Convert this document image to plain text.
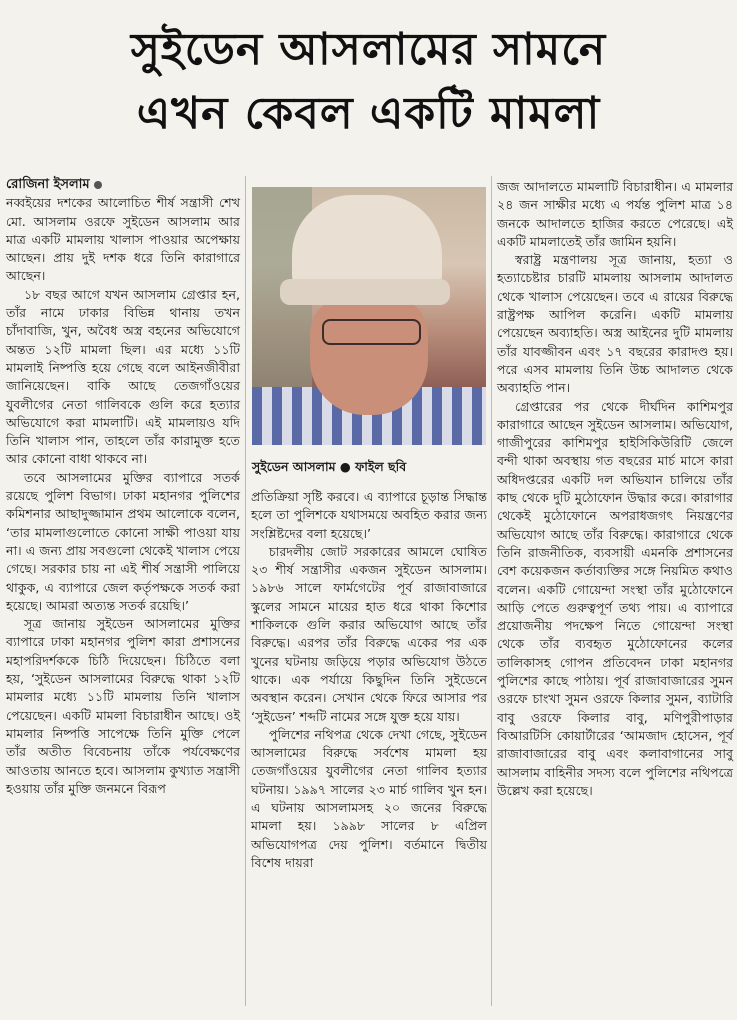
সুইডেন আসলামের সামনে
এখন কেবল একটি মামলা

রোজিনা ইসলাম

নব্বইয়ের দশকের আলোচিত শীর্ষ সন্ত্রাসী শেখ মো. আসলাম ওরফে সুইডেন আসলাম আর মাত্র একটি মামলায় খালাস পাওয়ার অপেক্ষায় আছেন। প্রায় দুই দশক ধরে তিনি কারাগারে আছেন।

১৮ বছর আগে যখন আসলাম গ্রেপ্তার হন, তাঁর নামে ঢাকার বিভিন্ন থানায় তখন চাঁদাবাজি, খুন, অবৈধ অস্ত্র বহনের অভিযোগে অন্তত ১২টি মামলা ছিল। এর মধ্যে ১১টি মামলাই নিষ্পত্তি হয়ে গেছে বলে আইনজীবীরা জানিয়েছেন। বাকি আছে তেজগাঁওয়ের যুবলীগের নেতা গালিবকে গুলি করে হত্যার অভিযোগে করা মামলাটি। এই মামলায়ও যদি তিনি খালাস পান, তাহলে তাঁর কারামুক্ত হতে আর কোনো বাধা থাকবে না।

তবে আসলামের মুক্তির ব্যাপারে সতর্ক রয়েছে পুলিশ বিভাগ। ঢাকা মহানগর পুলিশের কমিশনার আছাদুজ্জামান প্রথম আলোকে বলেন, ‘তার মামলাগুলোতে কোনো সাক্ষী পাওয়া যায় না। এ জন্য প্রায় সবগুলো থেকেই খালাস পেয়ে গেছে। সরকার চায় না এই শীর্ষ সন্ত্রাসী পালিয়ে থাকুক, এ ব্যাপারে জেল কর্তৃপক্ষকে সতর্ক করা হয়েছে। আমরা অত্যন্ত সতর্ক রয়েছি।’

সূত্র জানায় সুইডেন আসলামের মুক্তির ব্যাপারে ঢাকা মহানগর পুলিশ কারা প্রশাসনের মহাপরিদর্শককে চিঠি দিয়েছেন। চিঠিতে বলা হয়, ‘সুইডেন আসলামের বিরুদ্ধে থাকা ১২টি মামলার মধ্যে ১১টি মামলায় তিনি খালাস পেয়েছেন। একটি মামলা বিচারাধীন আছে। ওই মামলার নিষ্পত্তি সাপেক্ষে তিনি মুক্তি পেলে তাঁর অতীত বিবেচনায় তাঁকে পর্যবেক্ষণের আওতায় আনতে হবে। আসলাম কুখ্যাত সন্ত্রাসী হওয়ায় তাঁর মুক্তি জনমনে বিরূপ

সুইডেন আসলাম ● ফাইল ছবি

প্রতিক্রিয়া সৃষ্টি করবে। এ ব্যাপারে চূড়ান্ত সিদ্ধান্ত হলে তা পুলিশকে যথাসময়ে অবহিত করার জন্য সংশ্লিষ্টদের বলা হয়েছে।’

চারদলীয় জোট সরকারের আমলে ঘোষিত ২৩ শীর্ষ সন্ত্রাসীর একজন সুইডেন আসলাম। ১৯৮৬ সালে ফার্মগেটের পূর্ব রাজাবাজারে স্কুলের সামনে মায়ের হাত ধরে থাকা কিশোর শাকিলকে গুলি করার অভিযোগ আছে তাঁর বিরুদ্ধে। এরপর তাঁর বিরুদ্ধে একের পর এক খুনের ঘটনায় জড়িয়ে পড়ার অভিযোগ উঠতে থাকে। এক পর্যায়ে কিছুদিন তিনি সুইডেনে অবস্থান করেন। সেখান থেকে ফিরে আসার পর ‘সুইডেন’ শব্দটি নামের সঙ্গে যুক্ত হয়ে যায়।

পুলিশের নথিপত্র থেকে দেখা গেছে, সুইডেন আসলামের বিরুদ্ধে সর্বশেষ মামলা হয় তেজগাঁওয়ের যুবলীগের নেতা গালিব হত্যার ঘটনায়। ১৯৯৭ সালের ২৩ মার্চ গালিব খুন হন। এ ঘটনায় আসলামসহ ২০ জনের বিরুদ্ধে মামলা হয়। ১৯৯৮ সালের ৮ এপ্রিল অভিযোগপত্র দেয় পুলিশ। বর্তমানে দ্বিতীয় বিশেষ দায়রা

জজ আদালতে মামলাটি বিচারাধীন। এ মামলার ২৪ জন সাক্ষীর মধ্যে এ পর্যন্ত পুলিশ মাত্র ১৪ জনকে আদালতে হাজির করতে পেরেছে। এই একটি মামলাতেই তাঁর জামিন হয়নি।

স্বরাষ্ট্র মন্ত্রণালয় সূত্র জানায়, হত্যা ও হত্যাচেষ্টার চারটি মামলায় আসলাম আদালত থেকে খালাস পেয়েছেন। তবে এ রায়ের বিরুদ্ধে রাষ্ট্রপক্ষ আপিল করেনি। একটি মামলায় পেয়েছেন অব্যাহতি। অস্ত্র আইনের দুটি মামলায় তাঁর যাবজ্জীবন এবং ১৭ বছরের কারাদণ্ড হয়। পরে এসব মামলায় তিনি উচ্চ আদালত থেকে অব্যাহতি পান।

গ্রেপ্তারের পর থেকে দীর্ঘদিন কাশিমপুর কারাগারে আছেন সুইডেন আসলাম। অভিযোগ, গাজীপুরের কাশিমপুর হাইসিকিউরিটি জেলে বন্দী থাকা অবস্থায় গত বছরের মার্চ মাসে কারা অধিদপ্তরের একটি দল অভিযান চালিয়ে তাঁর কাছ থেকে দুটি মুঠোফোন উদ্ধার করে। কারাগার থেকেই মুঠোফোনে অপরাধজগৎ নিয়ন্ত্রণের অভিযোগ আছে তাঁর বিরুদ্ধে। কারাগারে থেকে তিনি রাজনীতিক, ব্যবসায়ী এমনকি প্রশাসনের বেশ কয়েকজন কর্তাব্যক্তির সঙ্গে নিয়মিত কথাও বলেন। একটি গোয়েন্দা সংস্থা তাঁর মুঠোফোনে আড়ি পেতে গুরুত্বপূর্ণ তথ্য পায়। এ ব্যাপারে প্রয়োজনীয় পদক্ষেপ নিতে গোয়েন্দা সংস্থা থেকে তাঁর ব্যবহৃত মুঠোফোনের কলের তালিকাসহ গোপন প্রতিবেদন ঢাকা মহানগর পুলিশের কাছে পাঠায়। পূর্ব রাজাবাজারের সুমন ওরফে চাংখা সুমন ওরফে কিলার সুমন, ব্যাটারি বাবু ওরফে কিলার বাবু, মণিপুরীপাড়ার বিআরটিসি কোয়ার্টারের ‘আমজাদ হোসেন, পূর্ব রাজাবাজারের বাবু এবং কলাবাগানের সাবু আসলাম বাহিনীর সদস্য বলে পুলিশের নথিপত্রে উল্লেখ করা হয়েছে।
